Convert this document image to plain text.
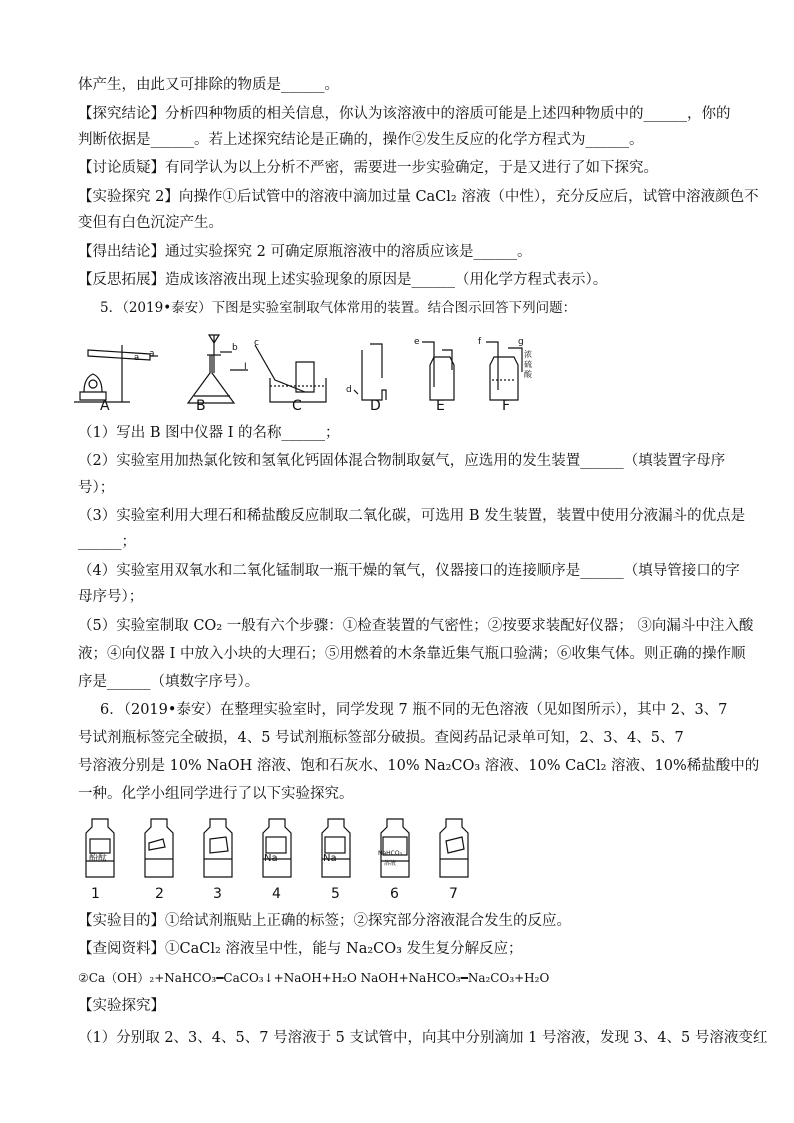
体产生，由此又可排除的物质是______。
【探究结论】分析四种物质的相关信息，你认为该溶液中的溶质可能是上述四种物质中的______，你的
判断依据是______。若上述探究结论是正确的，操作②发生反应的化学方程式为______。
【讨论质疑】有同学认为以上分析不严密，需要进一步实验确定，于是又进行了如下探究。
【实验探究 2】向操作①后试管中的溶液中滴加过量 CaCl₂ 溶液（中性），充分反应后，试管中溶液颜色不
变但有白色沉淀产生。
【得出结论】通过实验探究 2 可确定原瓶溶液中的溶质应该是______。
【反思拓展】造成该溶液出现上述实验现象的原因是______（用化学方程式表示）。
5．（2019•泰安）下图是实验室制取气体常用的装置。结合图示回答下列问题：
a
A	B	C	D	E	F
a
b
I
c
d
e	f	g
浓硫酸
（1）写出 B 图中仪器 I 的名称______；
（2）实验室用加热氯化铵和氢氧化钙固体混合物制取氨气，应选用的发生装置______（填装置字母序
号）；
（3）实验室利用大理石和稀盐酸反应制取二氧化碳，可选用 B 发生装置，装置中使用分液漏斗的优点是
______；
（4）实验室用双氧水和二氧化锰制取一瓶干燥的氧气，仪器接口的连接顺序是______（填导管接口的字
母序号）；
（5）实验室制取 CO₂ 一般有六个步骤：①检查装置的气密性；②按要求装配好仪器； ③向漏斗中注入酸
液；④向仪器 I 中放入小块的大理石；⑤用燃着的木条靠近集气瓶口验满；⑥收集气体。则正确的操作顺
序是______（填数字序号）。
6．（2019•泰安）在整理实验室时，同学发现 7 瓶不同的无色溶液（见如图所示），其中 2、3、7
号试剂瓶标签完全破损，4、5 号试剂瓶标签部分破损。查阅药品记录单可知，2、3、4、5、7
号溶液分别是 10% NaOH 溶液、饱和石灰水、10% Na₂CO₃ 溶液、10% CaCl₂ 溶液、10%稀盐酸中的
一种。化学小组同学进行了以下实验探究。
酚酞	Na	Na	NaHCO₃
溶液
1	2	3	4	5	6	7
【实验目的】①给试剂瓶贴上正确的标签；②探究部分溶液混合发生的反应。
【查阅资料】①CaCl₂ 溶液呈中性，能与 Na₂CO₃ 发生复分解反应；
②Ca（OH）₂+NaHCO₃━CaCO₃↓+NaOH+H₂O NaOH+NaHCO₃━Na₂CO₃+H₂O
【实验探究】
（1）分别取 2、3、4、5、7 号溶液于 5 支试管中，向其中分别滴加 1 号溶液，发现 3、4、5 号溶液变红
